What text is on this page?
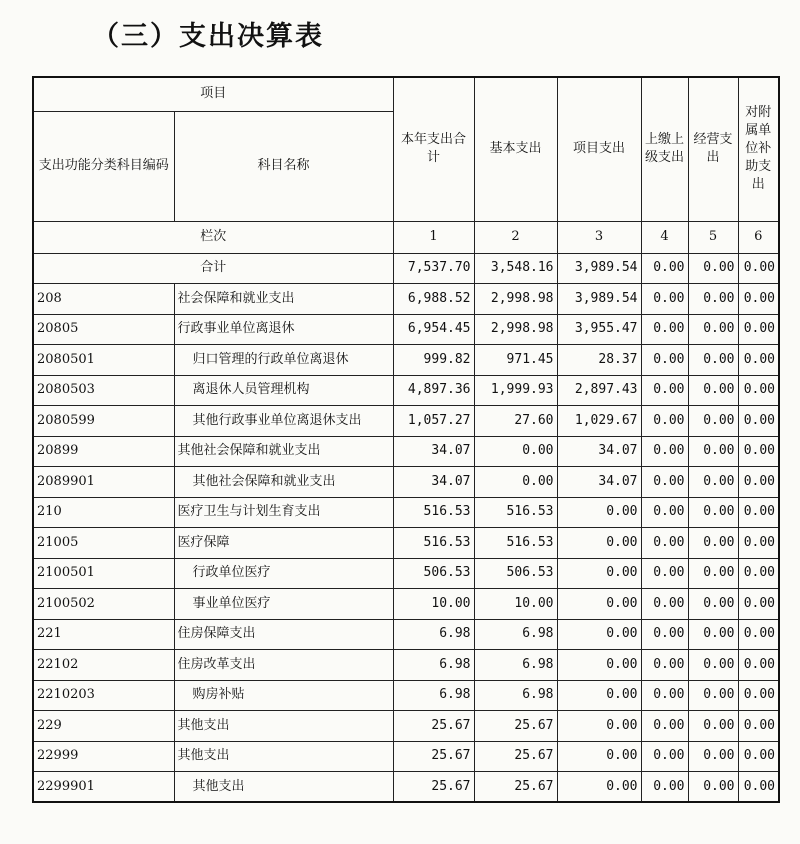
（三）支出决算表
项目		本年支出合计	基本支出	项目支出	上缴上级支出	经营支出	对附属单位补助支出
支出功能分类科目编码	科目名称						
栏次		1	2	3	4	5	6
合计		7,537.70	3,548.16	3,989.54	0.00	0.00	0.00
208	社会保障和就业支出	6,988.52	2,998.98	3,989.54	0.00	0.00	0.00
20805	行政事业单位离退休	6,954.45	2,998.98	3,955.47	0.00	0.00	0.00
2080501	归口管理的行政单位离退休	999.82	971.45	28.37	0.00	0.00	0.00
2080503	离退休人员管理机构	4,897.36	1,999.93	2,897.43	0.00	0.00	0.00
2080599	其他行政事业单位离退休支出	1,057.27	27.60	1,029.67	0.00	0.00	0.00
20899	其他社会保障和就业支出	34.07	0.00	34.07	0.00	0.00	0.00
2089901	其他社会保障和就业支出	34.07	0.00	34.07	0.00	0.00	0.00
210	医疗卫生与计划生育支出	516.53	516.53	0.00	0.00	0.00	0.00
21005	医疗保障	516.53	516.53	0.00	0.00	0.00	0.00
2100501	行政单位医疗	506.53	506.53	0.00	0.00	0.00	0.00
2100502	事业单位医疗	10.00	10.00	0.00	0.00	0.00	0.00
221	住房保障支出	6.98	6.98	0.00	0.00	0.00	0.00
22102	住房改革支出	6.98	6.98	0.00	0.00	0.00	0.00
2210203	购房补贴	6.98	6.98	0.00	0.00	0.00	0.00
229	其他支出	25.67	25.67	0.00	0.00	0.00	0.00
22999	其他支出	25.67	25.67	0.00	0.00	0.00	0.00
2299901	其他支出	25.67	25.67	0.00	0.00	0.00	0.00
